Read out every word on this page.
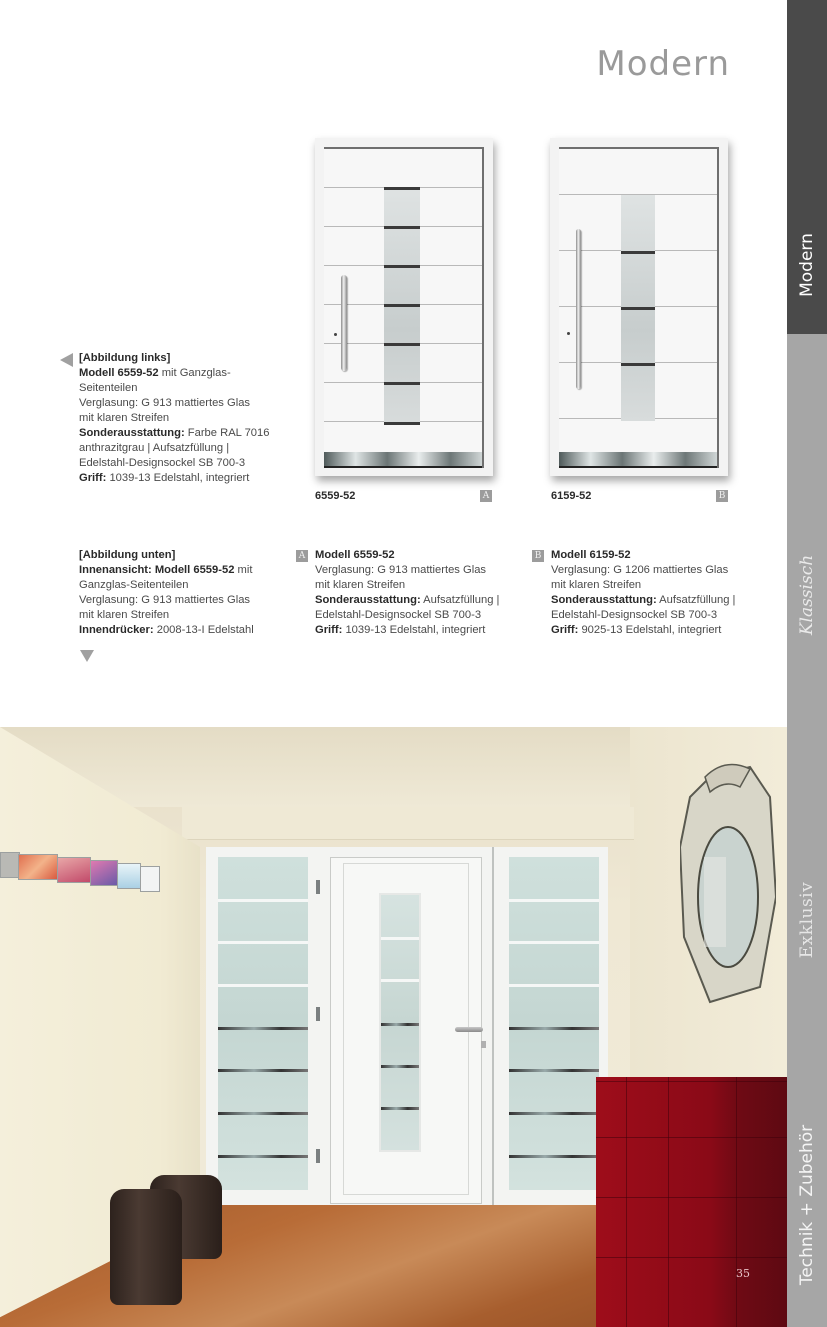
Modern
Modern
Klassisch
Exklusiv
Technik + Zubehör
6559-52	A	6159-52	B

[Abbildung links]

Modell 6559-52 mit Ganzglas-

Seitenteilen

Verglasung: G 913 mattiertes Glas

mit klaren Streifen

Sonderausstattung: Farbe RAL 7016

anthrazitgrau | Aufsatzfüllung |

Edelstahl-Designsockel SB 700-3

Griff: 1039-13 Edelstahl, integriert

[Abbildung unten]

Innenansicht: Modell 6559-52 mit

Ganzglas-Seitenteilen

Verglasung: G 913 mattiertes Glas

mit klaren Streifen

Innendrücker: 2008-13-I Edelstahl

A Modell 6559-52

Verglasung: G 913 mattiertes Glas

mit klaren Streifen

Sonderausstattung: Aufsatzfüllung |

Edelstahl-Designsockel SB 700-3

Griff: 1039-13 Edelstahl, integriert

B Modell 6159-52

Verglasung: G 1206 mattiertes Glas

mit klaren Streifen

Sonderausstattung: Aufsatzfüllung |

Edelstahl-Designsockel SB 700-3

Griff: 9025-13 Edelstahl, integriert

35
